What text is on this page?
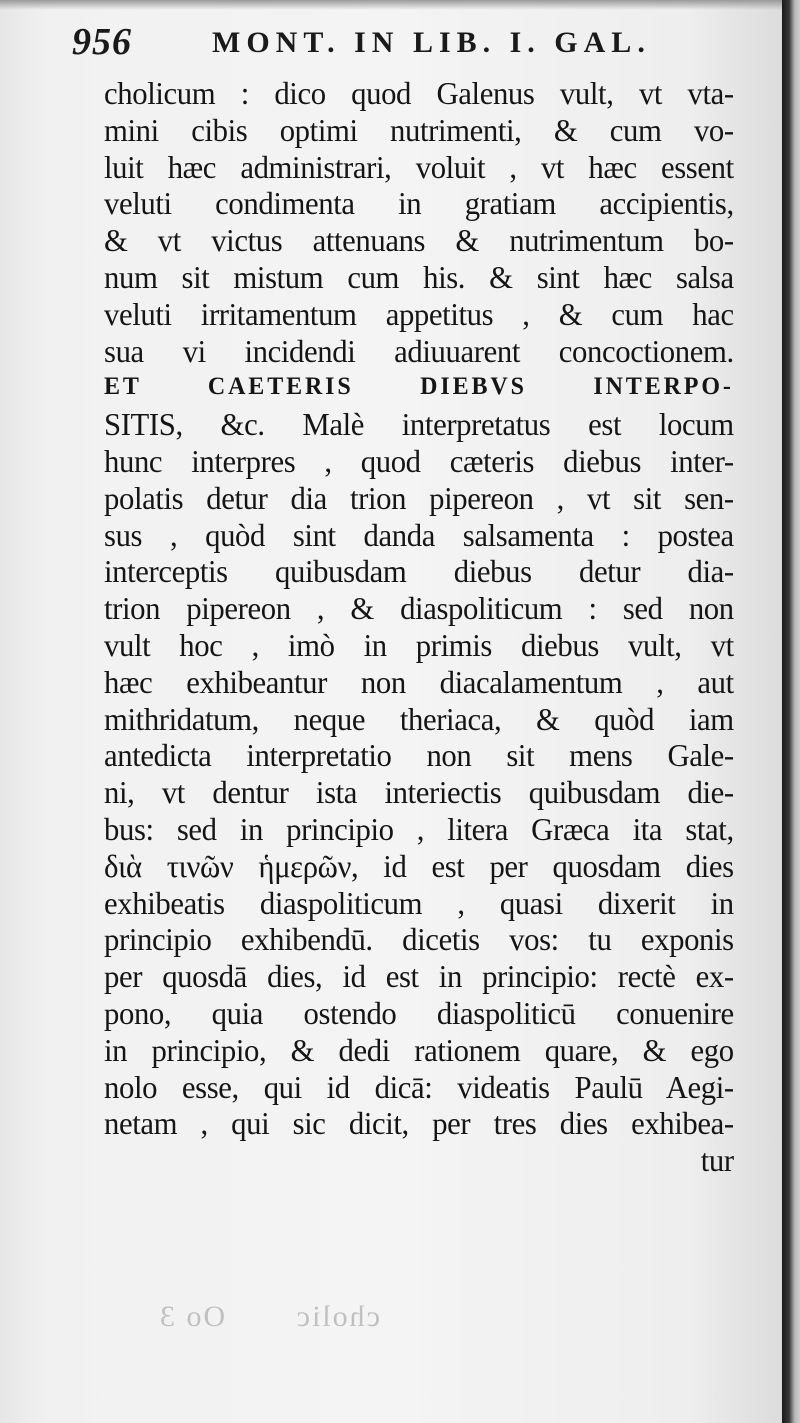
956	MONT. IN LIB. I. GAL.
cholicum : dico quod Galenus vult, vt vta-
mini cibis optimi nutrimenti, & cum vo-
luit hæc administrari, voluit , vt hæc essent
veluti condimenta in gratiam accipientis,
& vt victus attenuans & nutrimentum bo-
num sit mistum cum his. & sint hæc salsa
veluti irritamentum appetitus , & cum hac
sua vi incidendi adiuuarent concoctionem.
ET CAETERIS DIEBVS INTERPO-
SITIS, &c. Malè interpretatus est locum
hunc interpres , quod cæteris diebus inter-
polatis detur dia trion pipereon , vt sit sen-
sus , quòd sint danda salsamenta : postea
interceptis quibusdam diebus detur dia-
trion pipereon , & diaspoliticum : sed non
vult hoc , imò in primis diebus vult, vt
hæc exhibeantur non diacalamentum , aut
mithridatum, neque theriaca, & quòd iam
antedicta interpretatio non sit mens Gale-
ni, vt dentur ista interiectis quibusdam die-
bus: sed in principio , litera Græca ita stat,
διὰ τινῶν ἡμερῶν, id est per quosdam dies
exhibeatis diaspoliticum , quasi dixerit in
principio exhibendū. dicetis vos: tu exponis
per quosdā dies, id est in principio: rectè ex-
pono, quia ostendo diaspoliticū conuenire
in principio, & dedi rationem quare, & ego
nolo esse, qui id dicā: videatis Paulū Aegi-
netam , qui sic dicit, per tres dies exhibea-
tur
cholic Oo 3
